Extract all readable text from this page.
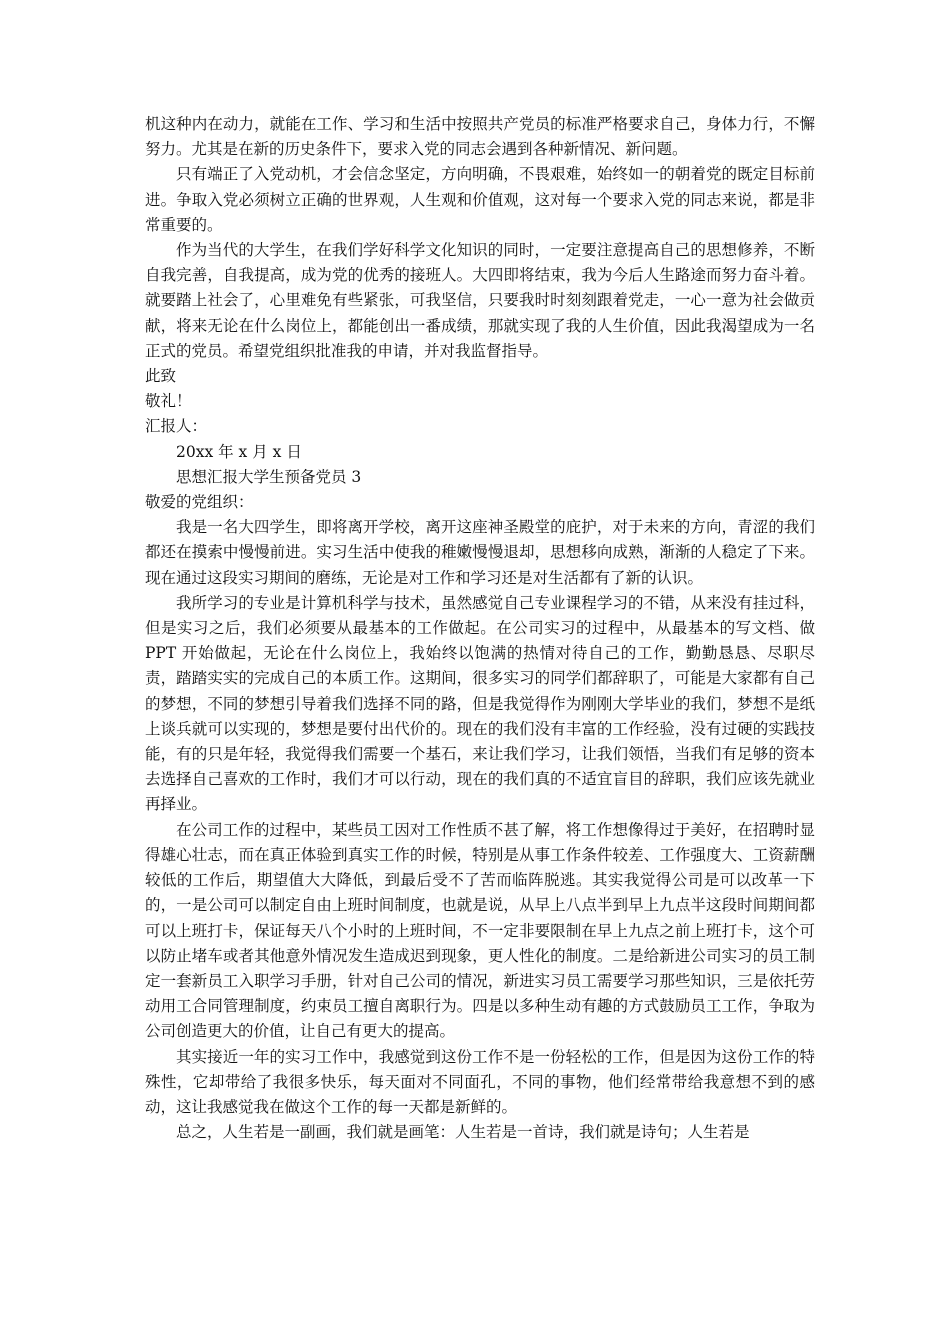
机这种内在动力，就能在工作、学习和生活中按照共产党员的标准严格要求自己，身体力行，不懈努力。尤其是在新的历史条件下，要求入党的同志会遇到各种新情况、新问题。

只有端正了入党动机，才会信念坚定，方向明确，不畏艰难，始终如一的朝着党的既定目标前进。争取入党必须树立正确的世界观，人生观和价值观，这对每一个要求入党的同志来说，都是非常重要的。

作为当代的大学生，在我们学好科学文化知识的同时，一定要注意提高自己的思想修养，不断自我完善，自我提高，成为党的优秀的接班人。大四即将结束，我为今后人生路途而努力奋斗着。就要踏上社会了，心里难免有些紧张，可我坚信，只要我时时刻刻跟着党走，一心一意为社会做贡献，将来无论在什么岗位上，都能创出一番成绩，那就实现了我的人生价值，因此我渴望成为一名正式的党员。希望党组织批准我的申请，并对我监督指导。

此致

敬礼！

汇报人：

20xx 年 x 月 x 日

思想汇报大学生预备党员 3

敬爱的党组织：

我是一名大四学生，即将离开学校，离开这座神圣殿堂的庇护，对于未来的方向，青涩的我们都还在摸索中慢慢前进。实习生活中使我的稚嫩慢慢退却，思想移向成熟，渐渐的人稳定了下来。现在通过这段实习期间的磨练，无论是对工作和学习还是对生活都有了新的认识。

我所学习的专业是计算机科学与技术，虽然感觉自己专业课程学习的不错，从来没有挂过科，但是实习之后，我们必须要从最基本的工作做起。在公司实习的过程中，从最基本的写文档、做 PPT 开始做起，无论在什么岗位上，我始终以饱满的热情对待自己的工作，勤勤恳恳、尽职尽责，踏踏实实的完成自己的本质工作。这期间，很多实习的同学们都辞职了，可能是大家都有自己的梦想，不同的梦想引导着我们选择不同的路，但是我觉得作为刚刚大学毕业的我们，梦想不是纸上谈兵就可以实现的，梦想是要付出代价的。现在的我们没有丰富的工作经验，没有过硬的实践技能，有的只是年轻，我觉得我们需要一个基石，来让我们学习，让我们领悟，当我们有足够的资本去选择自己喜欢的工作时，我们才可以行动，现在的我们真的不适宜盲目的辞职，我们应该先就业再择业。

在公司工作的过程中，某些员工因对工作性质不甚了解，将工作想像得过于美好，在招聘时显得雄心壮志，而在真正体验到真实工作的时候，特别是从事工作条件较差、工作强度大、工资薪酬较低的工作后，期望值大大降低，到最后受不了苦而临阵脱逃。其实我觉得公司是可以改革一下的，一是公司可以制定自由上班时间制度，也就是说，从早上八点半到早上九点半这段时间期间都可以上班打卡，保证每天八个小时的上班时间，不一定非要限制在早上九点之前上班打卡，这个可以防止堵车或者其他意外情况发生造成迟到现象，更人性化的制度。二是给新进公司实习的员工制定一套新员工入职学习手册，针对自己公司的情况，新进实习员工需要学习那些知识，三是依托劳动用工合同管理制度，约束员工擅自离职行为。四是以多种生动有趣的方式鼓励员工工作，争取为公司创造更大的价值，让自己有更大的提高。

其实接近一年的实习工作中，我感觉到这份工作不是一份轻松的工作，但是因为这份工作的特殊性，它却带给了我很多快乐，每天面对不同面孔，不同的事物，他们经常带给我意想不到的感动，这让我感觉我在做这个工作的每一天都是新鲜的。

总之，人生若是一副画，我们就是画笔：人生若是一首诗，我们就是诗句；人生若是
